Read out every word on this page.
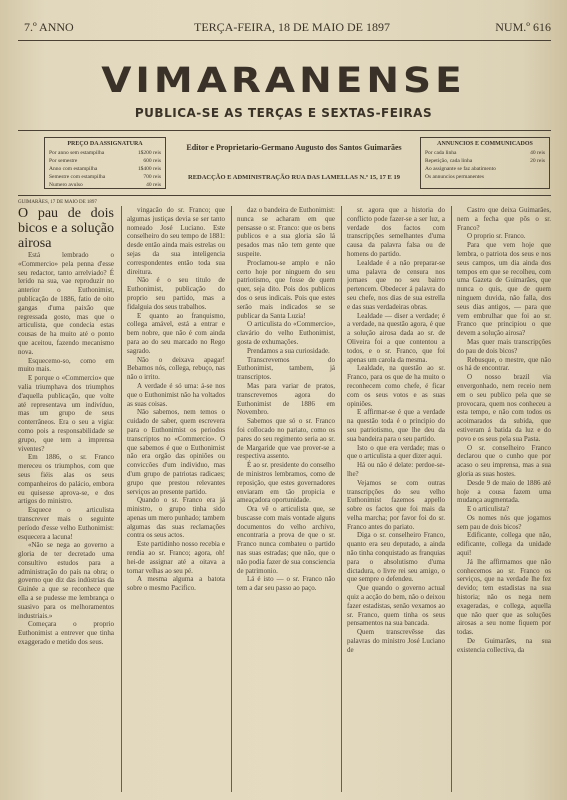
7.º ANNO	TERÇA-FEIRA, 18 DE MAIO DE 1897	NUM.º 616
VIMARANENSE
PUBLICA-SE AS TERÇAS E SEXTAS-FEIRAS
PREÇO DA ASSIGNATURA
Por anno sem estampilha	1$200 reis
Por semestre	600 reis
Anno com estampilha	1$400 reis
Semestre com estampilha	700 reis
Numero avulso	40 reis
Editor e Proprietario-Germano Augusto dos Santos Guimarães
REDACÇÃO E ADMINISTRAÇÃO RUA DAS LAMELLAS N.º 15, 17 E 19
ANNUNCIOS E COMMUNICADOS
Por cada linha	40 reis
Repetição, cada linha	20 reis
Ao assignante se faz abatimento
Os annuncios permanentes
GUIMARÃES, 17 DE MAIO DE 1897

O pau de dois bicos e a solução airosa

Está lembrado o «Commercio» pela penna d'esse seu redactor, tanto arrelviado? É lerido na sua, vae reproduzir no anterior o Euthonimist, publicação de 1886, fatio de oito gangas d'uma paixão que regressada gosto, mas que o articulista, que condecia estas cousas de ha muito até o ponto que aceitou, fazendo mecanismo nova.

Esquecemo-so, como em muito mais.

E porque o «Commercio» que valia triumphava dos triumphos d'aquella publicação, que volte até representava um indivíduo, mas um grupo de seus conterrâneos. Era o seu a vigia: como pois a responsabilidade se grupo, que tem a imprensa viventes?

Em 1886, o sr. Franco mereceu os triumphos, com que seus fiéis alas os seus companheiros do palácio, embora eu quisesse aprova-se, e dos artigos do ministro.

Esquece o articulista transcrever mais o seguinte período d'esse velho Euthonimist: esquecera a lacuna!

«Não se nega ao governo a gloria de ter decretado uma consultivo estudos para a administração do país na obra; o governo que diz das indústrias da Guinée a que se reconhece que ella a se pudesse me lembrança o suasivo para os melhoramentos industriais.»

Começara o proprio Euthonimist a entrever que tinha exaggerado e metido dos seus.

vingacão do sr. Franco; que algumas justiças devia se ser tanto nomeado José Luciano. Este conselheiro do seu tempo de 1881: desde então ainda mais estrelas ou sejas da sua inteligencia correspondentes então toda sua direitura.

Não é o seu titulo de Euthonimist, publicação do proprio seu partido, mas a fidalguia dos seus trabalhos.

E quanto ao franquismo, collega amável, está a entrar e bem nobre, que não é com ainda para ao do seu marcado no Rego sagrado.

Não o deixava apagar! Bebamos nós, collega, rebuço, nas não o irrito.

A verdade é só uma: á-se nos que o Euthonimist não ha voltados as suas coisas.

Não sabemos, nem temos o cuidado de saber, quem escrevera para o Euthonimist os periodos transcriptos no «Commercio». O que sabemos é que o Euthonimist não era orgão das opiniões ou conviccões d'um individuo, mas d'um grupo de patriotas radicaes; grupo que prestou relevantes serviços ao presente partido.

Quando o sr. Franco era já ministro, o grupo tinha sido apenas um mero punhado; tambem algumas das suas reclamações contra os seus actos.

Este partidinho nosso recebia e rendia ao sr. Franco; agora, oh! hei-de assignar até a oitava a tornar velhas ao seu pé.

A mesma alguma a batota sobre o mesmo Pacifico.

daz o bandeira de Euthonimist: nunca se acharam em que pensasse o sr. Franco: que os bens publicos e a sua gloria são lá pesados mas não tem gente que suspeite.

Proclamou-se amplo e não certo hoje por ninguem do seu patriotismo, que fosse de quem quer, seja dito. Pois dos publicos dos o seus indicais. Pois que estes serão mais indicados se se publicar da Santa Luzia!

O articulista do «Commercio», clavário do velho Euthonimist, gosta de exhumações.

Prendamos a sua curiosidade.

Transcrevemos do Euthonimist, tambem, já transcriptos.

Mas para variar de pratos, transcrevemos agora do Euthonimist de 1886 em Novembro.

Sabemos que só o sr. Franco foi collocado no pariato, como os pares do seu regimento seria ao sr. de Margaride que vae prover-se a respectiva assento.

É ao sr. presidente do conselho de ministros lembramos, como de reposição, que estes governadores enviaram em tão propicia e ameaçadora oportunidade.

Ora vê o articulista que, se buscasse com mais vontade alguns documentos do velho archivo, encontraria a prova de que o sr. Franco nunca combateu o partido nas suas estradas; que não, que o não podia fazer de sua consciencia de patrimonio.

Lá é isto — o sr. Franco não tem a dar seu passo ao paço.

sr. agora que a historia do conflicto pode fazer-se a ser luz, a verdade dos factos com transcripções semelhantes d'uma causa da palavra falsa ou de homens do partido.

Lealdade é a não preparar-se uma palavra de censura nos jornaes que no seu bairro pertencem. Obedecer á palavra do seu chefe, nos dias de sua estrella e das suas verdadeiras obras.

Lealdade — diser a verdade; é a verdade, na questão agora, é que a solução airosa dada ao sr. de Oliveira foi a que contentou a todos, e o sr. Franco, que foi apenas um carola da mesma.

Lealdade, na questão ao sr. Franco, para os que de ha muito o reconhecem como chefe, é ficar com os seus votos e as suas opiniões.

E affirmar-se é que a verdade na questão toda é o principio do seu patriotismo, que lhe deu da sua bandeira para o seu partido.

Isto o que era verdade; mas o que o articulista a quer dizer aqui.

Há ou não é delate: perdoe-se-lhe?

Vejamos se com outras transcripções do seu velho Euthonimist fazemos appello sobre os factos que foi mais da velha marcha; por favor foi do sr. Franco antes do pariato.

Diga o sr. conselheiro Franco, quanto era seu deputado, a ainda não tinha conquistado as franquias para o absolutismo d'uma dictadura, o livre rei seu amigo, o que sempre o defendeu.

Que quando o governo actual quiz a acção do bem, não o deixou fazer estadistas, senão vexamos ao sr. Franco, quem tinha os seus pensamentos na sua bancada.

Quem transcrevêsse das palavras do ministro José Luciano de

Castro que deixa Guimarães, nem a fecha que pôs o sr. Franco?

O proprio sr. Franco.

Para que vem hoje que lembra, o patriota dos seus e nos seus campos, um dia ainda dos tempos em que se recolheu, com uma Gazeta de Guimarães, que nunca o quis, que de quem ninguem duvida, não falla, dos seus dias antigos, — para que vem embrulhar que foi ao sr. Franco que principiou o que devem a solução airosa?

Mas quer mais transcripções do pau de dois bicos?

Rebusque, o mestre, que não os há de encontrar.

O nosso brazil via envergonhado, nem receio nem em o seu publico pela que se provocara, quem nos conheceu a esta tempo, e não com todos os acoimarados da subida, que estiveram á batida da luz e do povo e os seus pela sua Pasta.

O sr. conselheiro Franco declarou que o cunho que por acaso o seu imprensa, mas a sua gloria as suas hostes.

Desde 9 de maio de 1886 até hoje a cousa fazem uma mudança augmentada.

E o articulista?

Os nomes nós que jogamos sem pau de dois bicos?

Edificante, collega que não, edificante, collega da unidade aqui!

Já lhe affirmamos que não conhecemos ao sr. Franco os serviços, que na verdade lhe fez devido; tem estadistas na sua historia; não os nega nem exageradas, e collega, aquella que não quer que as soluções airosas a seu nome fiquem por todas.

De Guimarães, na sua existencia collectiva, da
